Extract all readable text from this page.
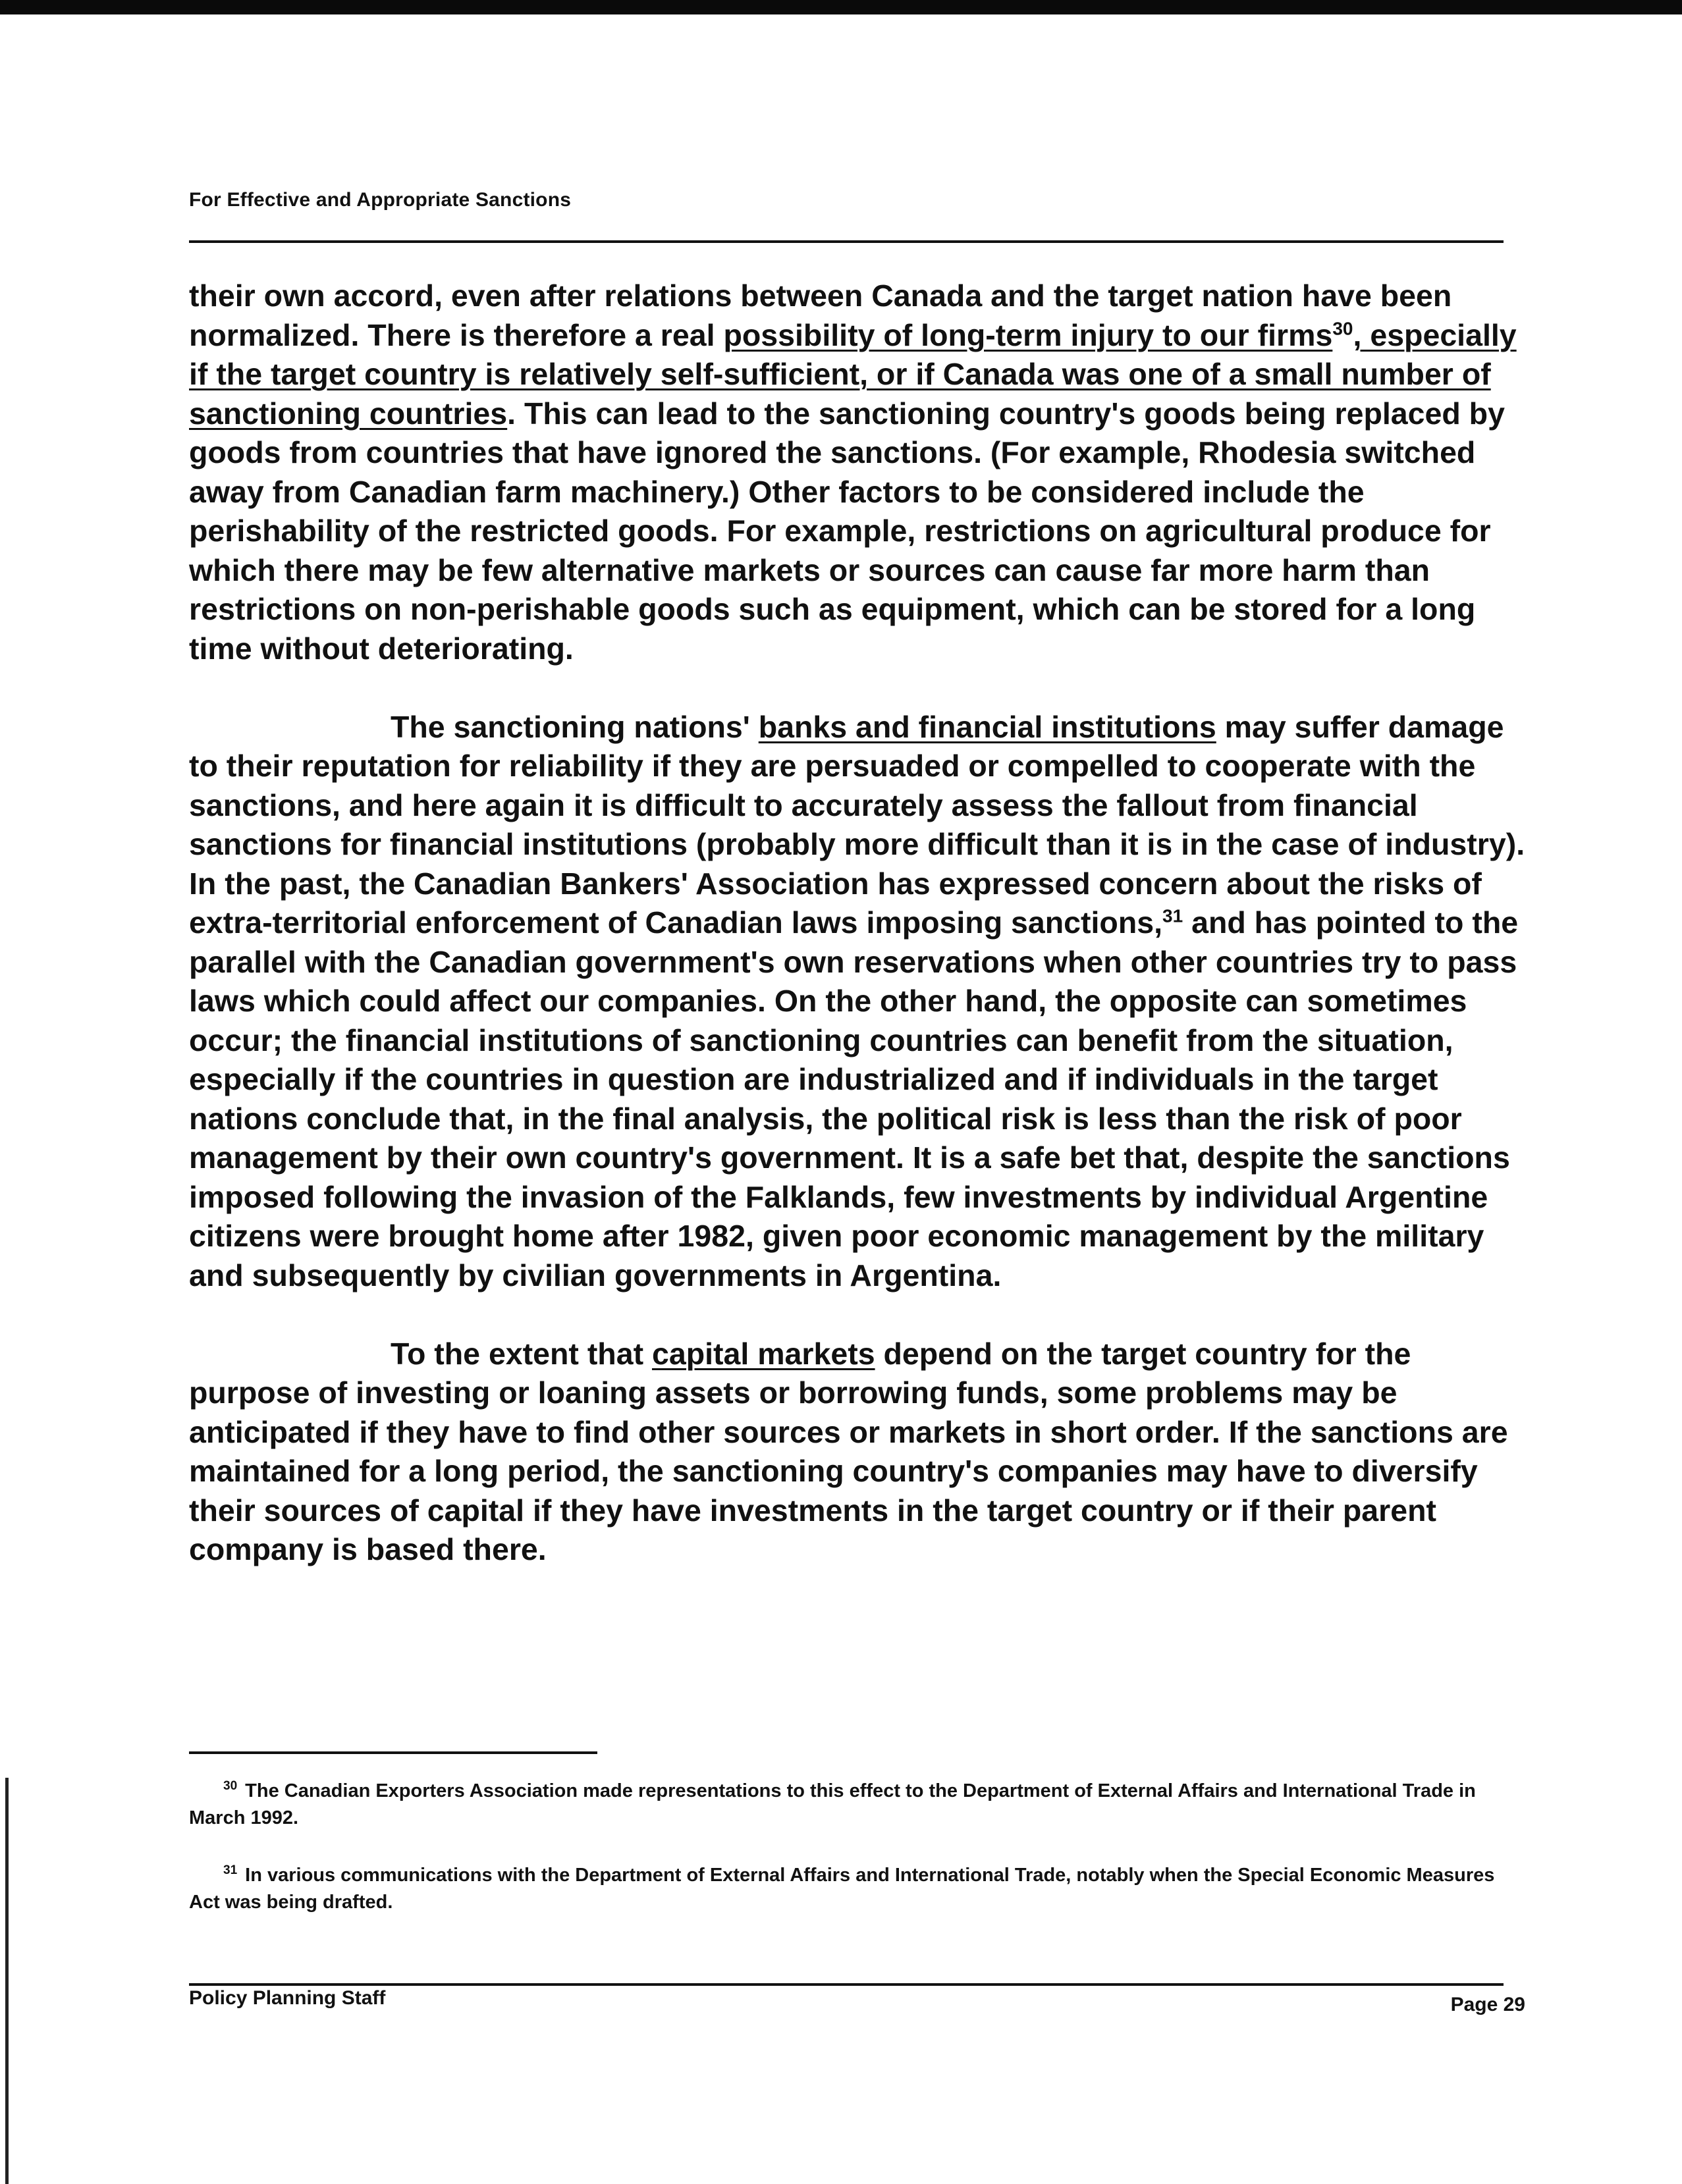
For Effective and Appropriate Sanctions

their own accord, even after relations between Canada and the target nation have been normalized. There is therefore a real possibility of long-term injury to our firms$^{30}$, especially if the target country is relatively self-sufficient, or if Canada was one of a small number of sanctioning countries. This can lead to the sanctioning country's goods being replaced by goods from countries that have ignored the sanctions. (For example, Rhodesia switched away from Canadian farm machinery.) Other factors to be considered include the perishability of the restricted goods. For example, restrictions on agricultural produce for which there may be few alternative markets or sources can cause far more harm than restrictions on non-perishable goods such as equipment, which can be stored for a long time without deteriorating.

The sanctioning nations' banks and financial institutions may suffer damage to their reputation for reliability if they are persuaded or compelled to cooperate with the sanctions, and here again it is difficult to accurately assess the fallout from financial sanctions for financial institutions (probably more difficult than it is in the case of industry). In the past, the Canadian Bankers' Association has expressed concern about the risks of extra-territorial enforcement of Canadian laws imposing sanctions,$^{31}$ and has pointed to the parallel with the Canadian government's own reservations when other countries try to pass laws which could affect our companies. On the other hand, the opposite can sometimes occur; the financial institutions of sanctioning countries can benefit from the situation, especially if the countries in question are industrialized and if individuals in the target nations conclude that, in the final analysis, the political risk is less than the risk of poor management by their own country's government. It is a safe bet that, despite the sanctions imposed following the invasion of the Falklands, few investments by individual Argentine citizens were brought home after 1982, given poor economic management by the military and subsequently by civilian governments in Argentina.

To the extent that capital markets depend on the target country for the purpose of investing or loaning assets or borrowing funds, some problems may be anticipated if they have to find other sources or markets in short order. If the sanctions are maintained for a long period, the sanctioning country's companies may have to diversify their sources of capital if they have investments in the target country or if their parent company is based there.

$^{30}$ The Canadian Exporters Association made representations to this effect to the Department of External Affairs and International Trade in March 1992.
$^{31}$ In various communications with the Department of External Affairs and International Trade, notably when the Special Economic Measures Act was being drafted.
Policy Planning Staff	Page 29
